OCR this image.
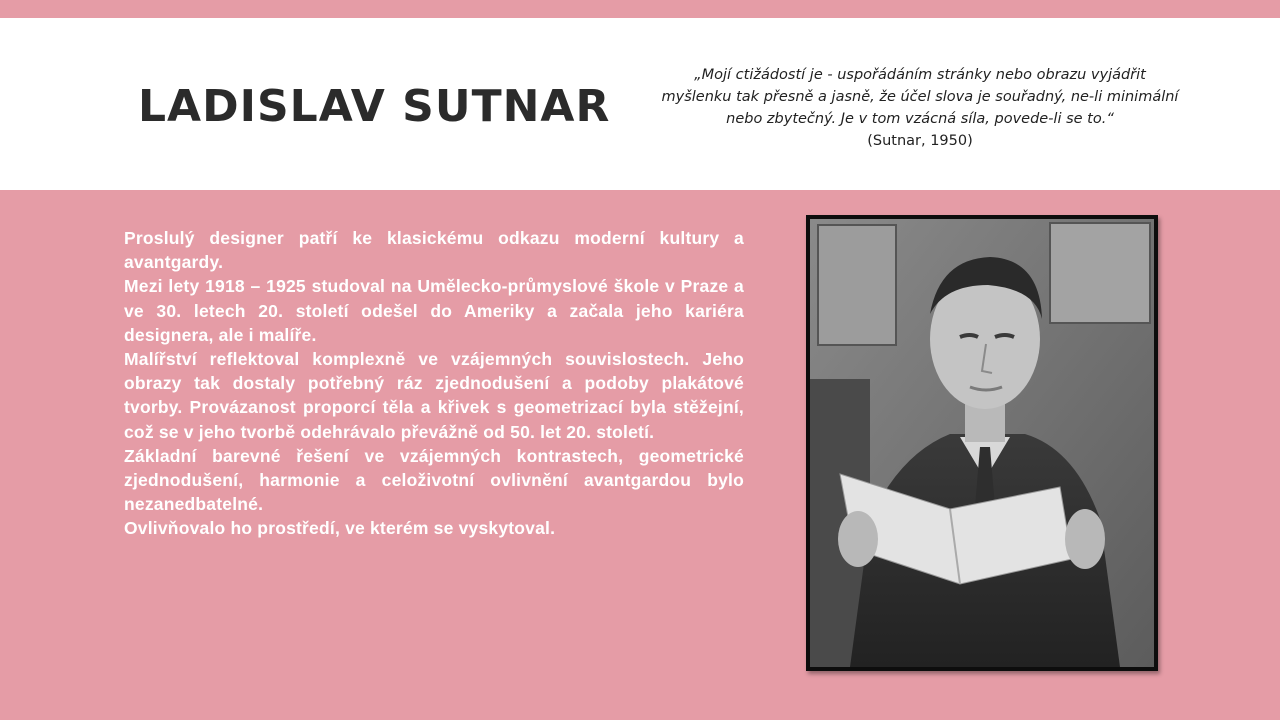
LADISLAV SUTNAR
„Mojí ctižádostí je - uspořádáním stránky nebo obrazu vyjádřit myšlenku tak přesně a jasně, že účel slova je souřadný, ne-li minimální nebo zbytečný. Je v tom vzácná síla, povede-li se to.“
(Sutnar, 1950)

Proslulý designer patří ke klasickému odkazu moderní kultury a avantgardy.

Mezi lety 1918 – 1925 studoval na Umělecko-průmyslové škole v Praze a ve 30. letech 20. století odešel do Ameriky a začala jeho kariéra designera, ale i malíře.

Malířství reflektoval komplexně ve vzájemných souvislostech. Jeho obrazy tak dostaly potřebný ráz zjednodušení a podoby plakátové tvorby. Provázanost proporcí těla a křivek s geometrizací byla stěžejní, což se v jeho tvorbě odehrávalo převážně od 50. let 20. století.

Základní barevné řešení ve vzájemných kontrastech, geometrické zjednodušení, harmonie a celoživotní ovlivnění avantgardou bylo nezanedbatelné.

Ovlivňovalo ho prostředí, ve kterém se vyskytoval.
